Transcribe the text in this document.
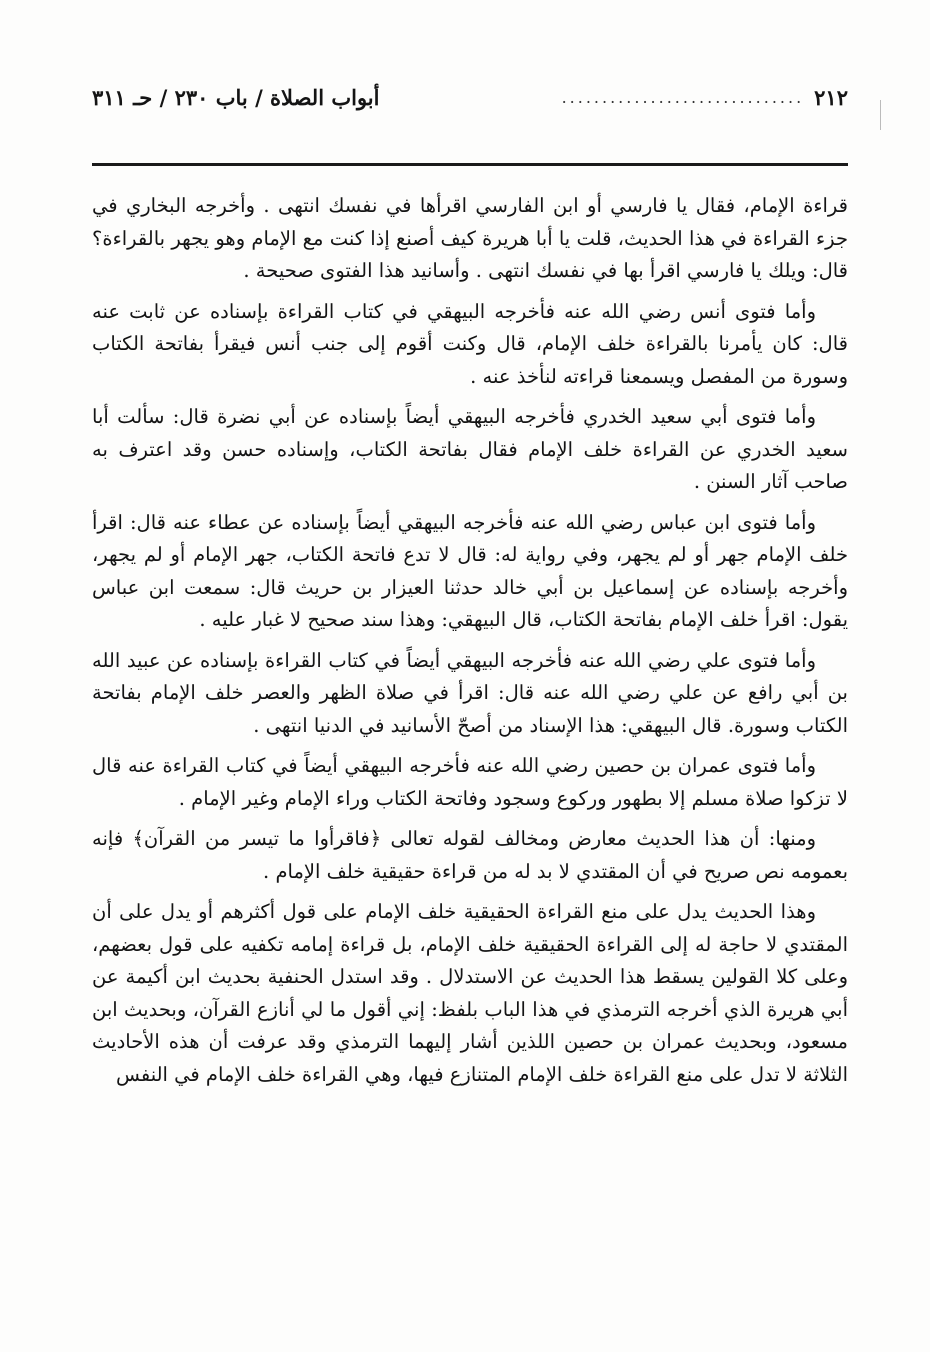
٢١٢
..............................
أبواب الصلاة / باب ٢٣٠ / حـ ٣١١

قراءة الإمام، فقال يا فارسي أو ابن الفارسي اقرأها في نفسك انتهى . وأخرجه البخاري في جزء القراءة في هذا الحديث، قلت يا أبا هريرة كيف أصنع إذا كنت مع الإمام وهو يجهر بالقراءة؟ قال: ويلك يا فارسي اقرأ بها في نفسك انتهى . وأسانيد هذا الفتوى صحيحة .

وأما فتوى أنس رضي الله عنه فأخرجه البيهقي في كتاب القراءة بإسناده عن ثابت عنه قال: كان يأمرنا بالقراءة خلف الإمام، قال وكنت أقوم إلى جنب أنس فيقرأ بفاتحة الكتاب وسورة من المفصل ويسمعنا قراءته لنأخذ عنه .

وأما فتوى أبي سعيد الخدري فأخرجه البيهقي أيضاً بإسناده عن أبي نضرة قال: سألت أبا سعيد الخدري عن القراءة خلف الإمام فقال بفاتحة الكتاب، وإسناده حسن وقد اعترف به صاحب آثار السنن .

وأما فتوى ابن عباس رضي الله عنه فأخرجه البيهقي أيضاً بإسناده عن عطاء عنه قال: اقرأ خلف الإمام جهر أو لم يجهر، وفي رواية له: قال لا تدع فاتحة الكتاب، جهر الإمام أو لم يجهر، وأخرجه بإسناده عن إسماعيل بن أبي خالد حدثنا العيزار بن حريث قال: سمعت ابن عباس يقول: اقرأ خلف الإمام بفاتحة الكتاب، قال البيهقي: وهذا سند صحيح لا غبار عليه .

وأما فتوى علي رضي الله عنه فأخرجه البيهقي أيضاً في كتاب القراءة بإسناده عن عبيد الله بن أبي رافع عن علي رضي الله عنه قال: اقرأ في صلاة الظهر والعصر خلف الإمام بفاتحة الكتاب وسورة. قال البيهقي: هذا الإسناد من أصحّ الأسانيد في الدنيا انتهى .

وأما فتوى عمران بن حصين رضي الله عنه فأخرجه البيهقي أيضاً في كتاب القراءة عنه قال لا تزكوا صلاة مسلم إلا بطهور وركوع وسجود وفاتحة الكتاب وراء الإمام وغير الإمام .

ومنها: أن هذا الحديث معارض ومخالف لقوله تعالى ﴿فاقرأوا ما تيسر من القرآن﴾ فإنه بعمومه نص صريح في أن المقتدي لا بد له من قراءة حقيقية خلف الإمام .

وهذا الحديث يدل على منع القراءة الحقيقية خلف الإمام على قول أكثرهم أو يدل على أن المقتدي لا حاجة له إلى القراءة الحقيقية خلف الإمام، بل قراءة إمامه تكفيه على قول بعضهم، وعلى كلا القولين يسقط هذا الحديث عن الاستدلال . وقد استدل الحنفية بحديث ابن أكيمة عن أبي هريرة الذي أخرجه الترمذي في هذا الباب بلفظ: إني أقول ما لي أنازع القرآن، وبحديث ابن مسعود، وبحديث عمران بن حصين اللذين أشار إليهما الترمذي وقد عرفت أن هذه الأحاديث الثلاثة لا تدل على منع القراءة خلف الإمام المتنازع فيها، وهي القراءة خلف الإمام في النفس
